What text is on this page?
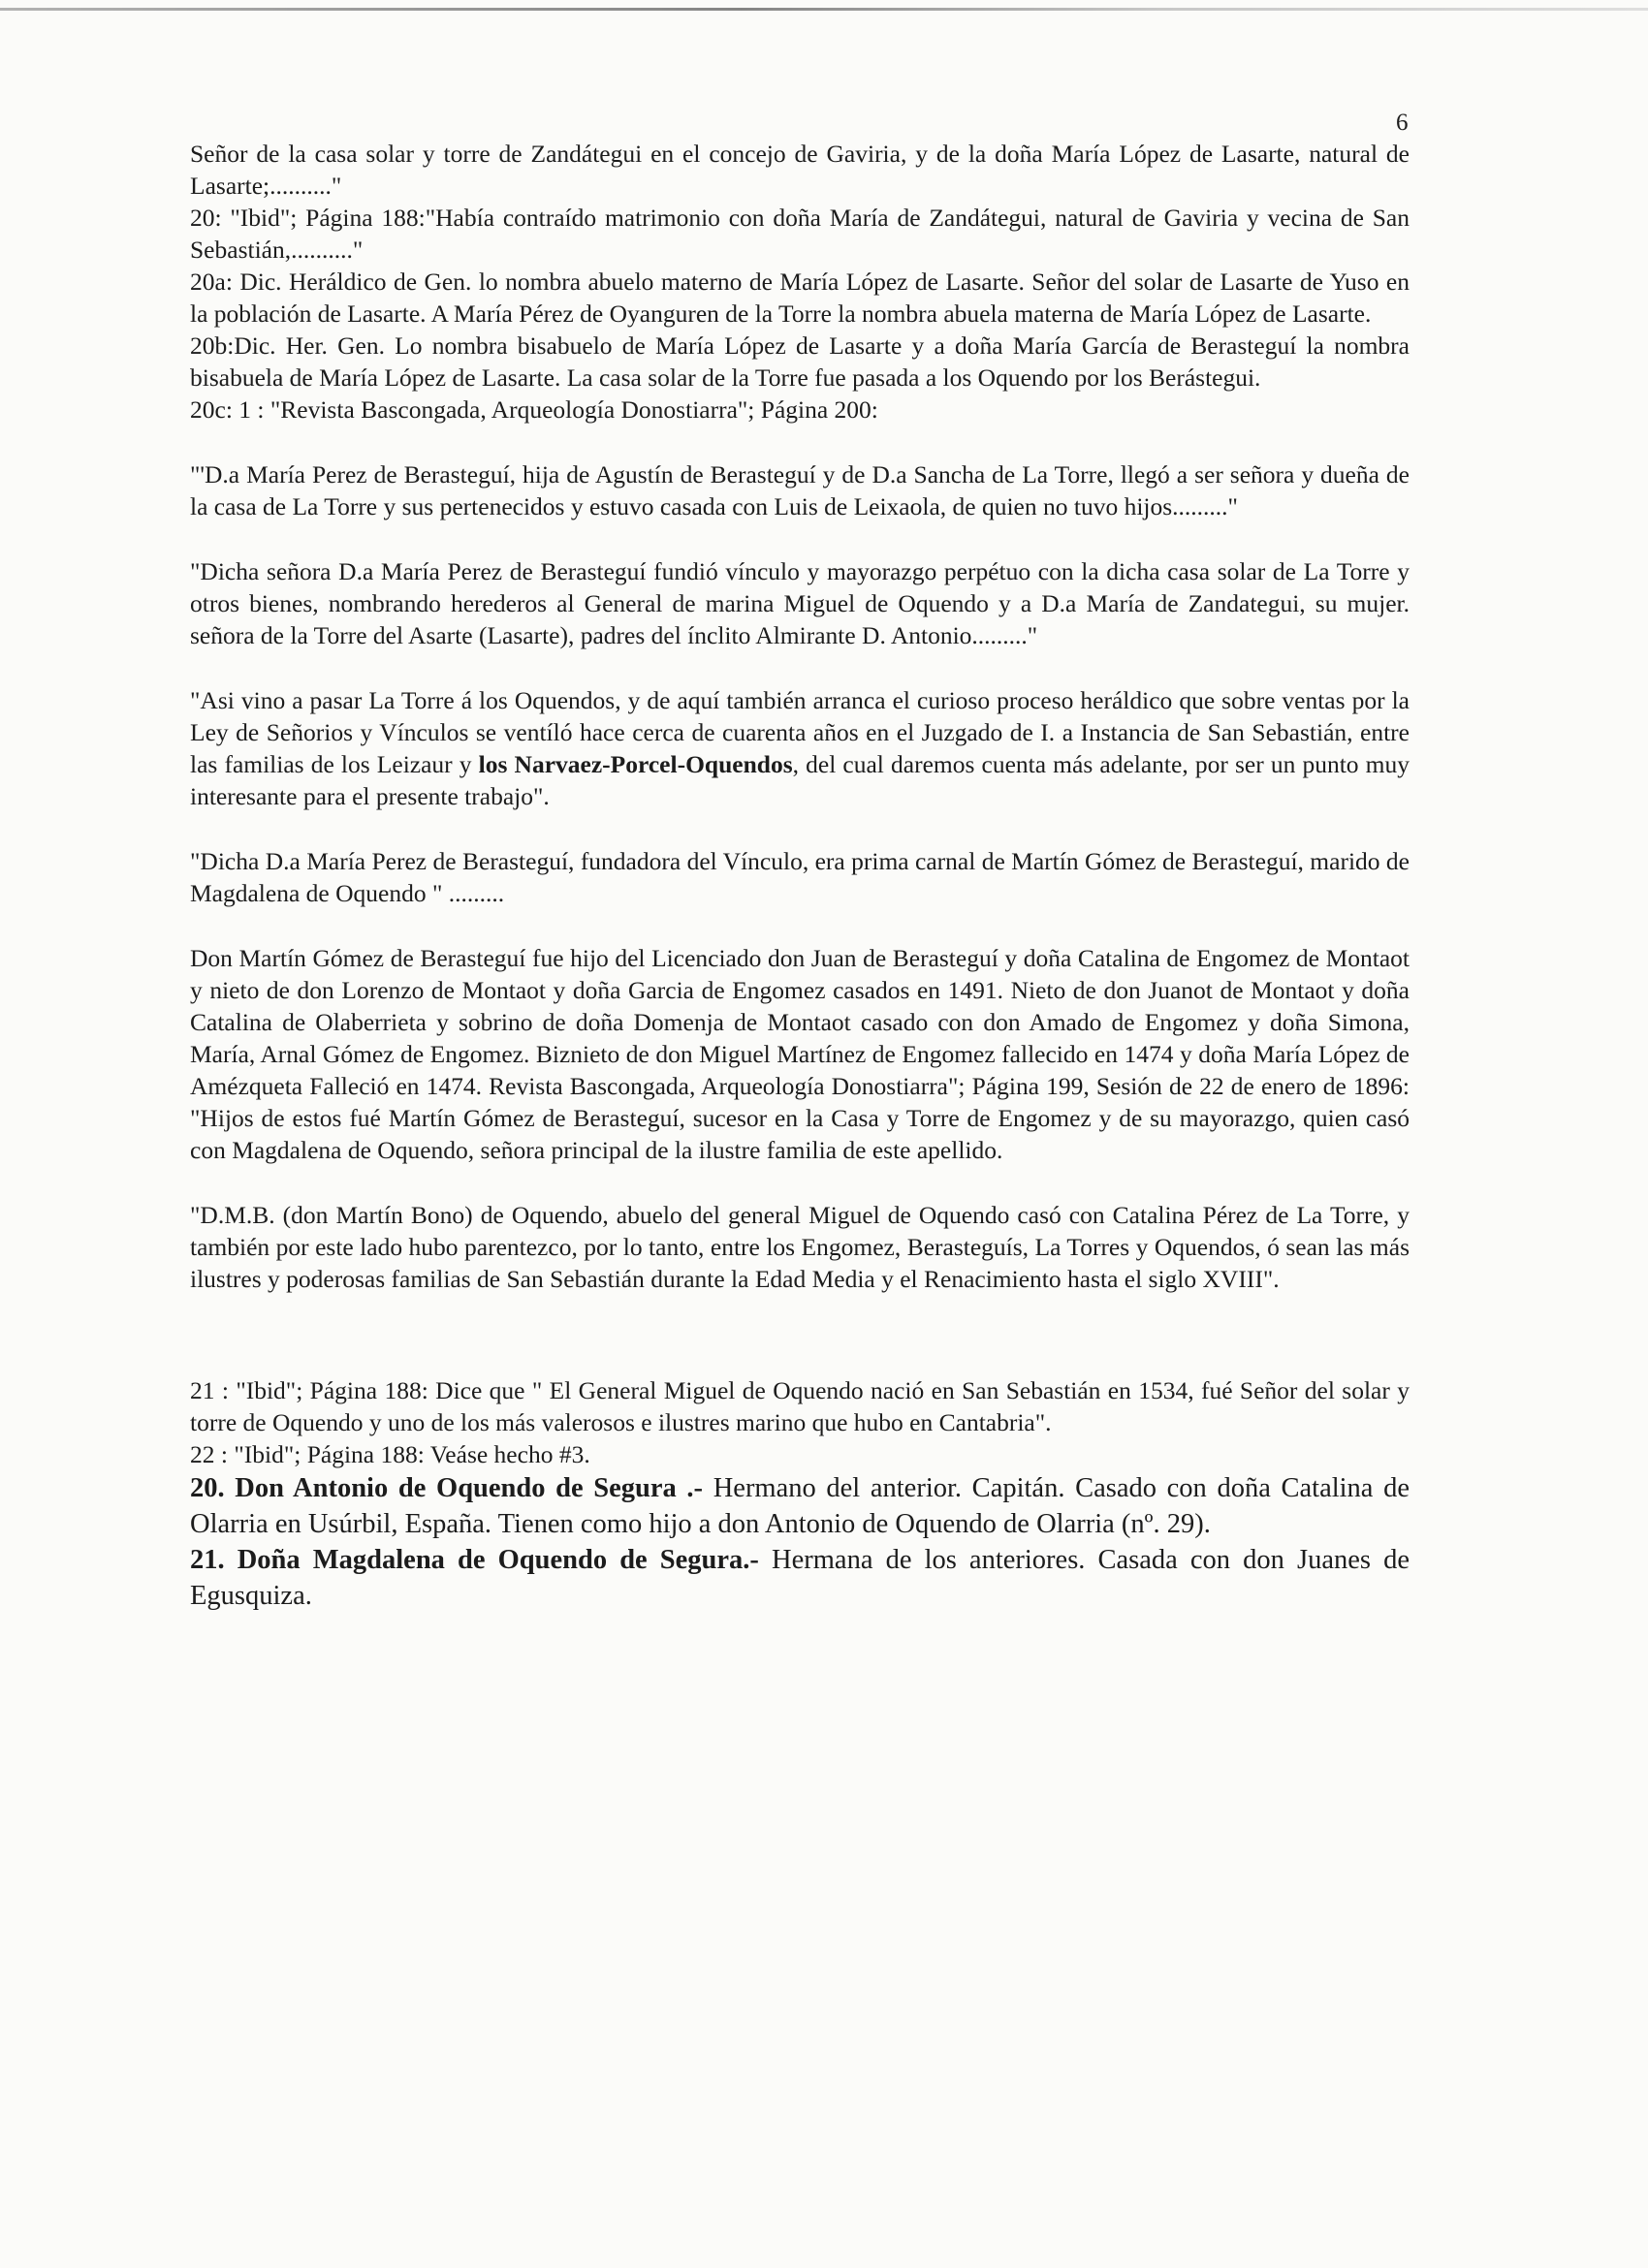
6

Señor de la casa solar y torre de Zandátegui en el concejo de Gaviria, y de la doña María López de Lasarte, natural de Lasarte;.........."

20: "Ibid"; Página 188:"Había contraído matrimonio con doña María de Zandátegui, natural de Gaviria y vecina de San Sebastián,.........."

20a: Dic. Heráldico de Gen. lo nombra abuelo materno de María López de Lasarte. Señor del solar de Lasarte de Yuso en la población de Lasarte. A María Pérez de Oyanguren de la Torre la nombra abuela materna de María López de Lasarte.

20b:Dic. Her. Gen. Lo nombra bisabuelo de María López de Lasarte y a doña María García de Berasteguí la nombra bisabuela de María López de Lasarte. La casa solar de la Torre fue pasada a los Oquendo por los Berástegui.

20c: 1 : "Revista Bascongada, Arqueología Donostiarra"; Página 200:

"'D.a María Perez de Berasteguí, hija de Agustín de Berasteguí y de D.a Sancha de La Torre, llegó a ser señora y dueña de la casa de La Torre y sus pertenecidos y estuvo casada con Luis de Leixaola, de quien no tuvo hijos........."

"Dicha señora D.a María Perez de Berasteguí fundió vínculo y mayorazgo perpétuo con la dicha casa solar de La Torre y otros bienes, nombrando herederos al General de marina Miguel de Oquendo y a D.a María de Zandategui, su mujer. señora de la Torre del Asarte (Lasarte), padres del ínclito Almirante D. Antonio........."

"Asi vino a pasar La Torre á los Oquendos, y de aquí también arranca el curioso proceso heráldico que sobre ventas por la Ley de Señorios y Vínculos se ventíló hace cerca de cuarenta años en el Juzgado de I. a Instancia de San Sebastián, entre las familias de los Leizaur y los Narvaez-Porcel-Oquendos, del cual daremos cuenta más adelante, por ser un punto muy interesante para el presente trabajo".

"Dicha D.a María Perez de Berasteguí, fundadora del Vínculo, era prima carnal de Martín Gómez de Berasteguí, marido de Magdalena de Oquendo " .........

Don Martín Gómez de Berasteguí fue hijo del Licenciado don Juan de Berasteguí y doña Catalina de Engomez de Montaot y nieto de don Lorenzo de Montaot y doña Garcia de Engomez casados en 1491. Nieto de don Juanot de Montaot y doña Catalina de Olaberrieta y sobrino de doña Domenja de Montaot casado con don Amado de Engomez y doña Simona, María, Arnal Gómez de Engomez. Biznieto de don Miguel Martínez de Engomez fallecido en 1474 y doña María López de Amézqueta Falleció en 1474. Revista Bascongada, Arqueología Donostiarra"; Página 199, Sesión de 22 de enero de 1896: "Hijos de estos fué Martín Gómez de Berasteguí, sucesor en la Casa y Torre de Engomez y de su mayorazgo, quien casó con Magdalena de Oquendo, señora principal de la ilustre familia de este apellido.

"D.M.B. (don Martín Bono) de Oquendo, abuelo del general Miguel de Oquendo casó con Catalina Pérez de La Torre, y también por este lado hubo parentezco, por lo tanto, entre los Engomez, Berasteguís, La Torres y Oquendos, ó sean las más ilustres y poderosas familias de San Sebastián durante la Edad Media y el Renacimiento hasta el siglo XVIII".

21 : "Ibid"; Página 188: Dice que " El General Miguel de Oquendo nació en San Sebastián en 1534, fué Señor del solar y torre de Oquendo y uno de los más valerosos e ilustres marino que hubo en Cantabria".

22 : "Ibid"; Página 188: Veáse hecho #3.

20. Don Antonio de Oquendo de Segura .- Hermano del anterior. Capitán. Casado con doña Catalina de Olarria en Usúrbil, España. Tienen como hijo a don Antonio de Oquendo de Olarria (nº. 29).

21. Doña Magdalena de Oquendo de Segura.- Hermana de los anteriores. Casada con don Juanes de Egusquiza.
